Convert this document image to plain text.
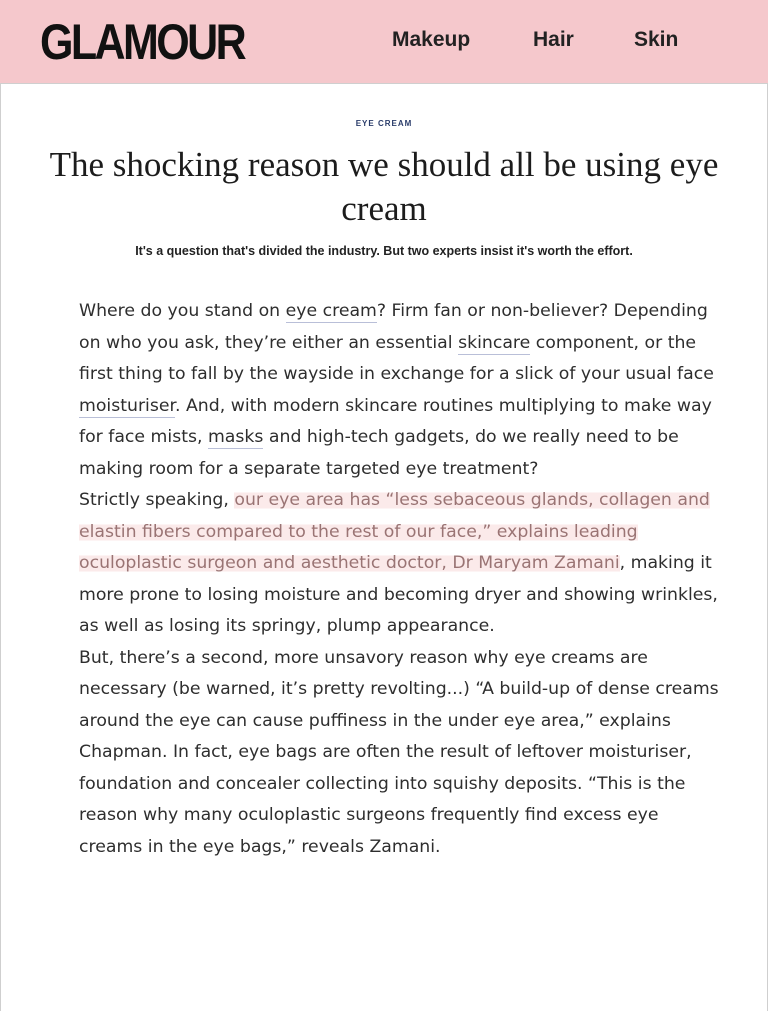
GLAMOUR	Makeup	Hair	Skin
EYE CREAM
The shocking reason we should all be using eye cream
It's a question that's divided the industry. But two experts insist it's worth the effort.

Where do you stand on eye cream? Firm fan or non-believer? Depending on who you ask, they’re either an essential skincare component, or the first thing to fall by the wayside in exchange for a slick of your usual face moisturiser. And, with modern skincare routines multiplying to make way for face mists, masks and high-tech gadgets, do we really need to be making room for a separate targeted eye treatment?

Strictly speaking, our eye area has “less sebaceous glands, collagen and elastin fibers compared to the rest of our face,” explains leading oculoplastic surgeon and aesthetic doctor, Dr Maryam Zamani, making it more prone to losing moisture and becoming dryer and showing wrinkles, as well as losing its springy, plump appearance.

But, there’s a second, more unsavory reason why eye creams are necessary (be warned, it’s pretty revolting...) “A build-up of dense creams around the eye can cause puffiness in the under eye area,” explains Chapman. In fact, eye bags are often the result of leftover moisturiser, foundation and concealer collecting into squishy deposits. “This is the reason why many oculoplastic surgeons frequently find excess eye creams in the eye bags,” reveals Zamani.
